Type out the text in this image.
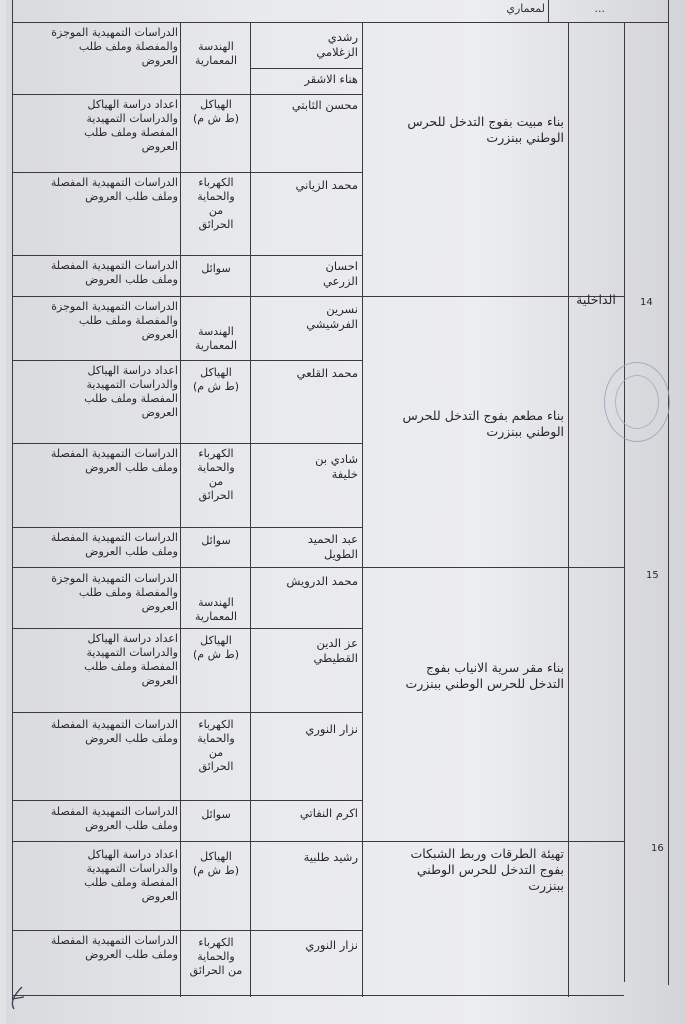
لمعماري	...
الداخلية	14
15
16
بناء مبيت بفوج التدخل للحرس
الوطني ببنزرت
بناء مطعم بفوج التدخل للحرس
الوطني ببنزرت
بناء مقر سرية الانياب بفوج
التدخل للحرس الوطني ببنزرت
تهيئة الطرقات وربط الشبكات
بفوج التدخل للحرس الوطني
ببنزرت
رشدي
الزغلامي
الهندسة
المعمارية
الدراسات التمهيدية الموجزة
والمفصلة وملف طلب
العروض
هناء الاشقر
محسن الثابتي
الهياكل
(ط ش م)
اعداد دراسة الهياكل
والدراسات التمهيدية
المفصلة وملف طلب
العروض
محمد الزياني
الكهرباء
والحماية
من
الحرائق
الدراسات التمهيدية المفصلة
وملف طلب العروض
احسان
الزرعي
سوائل
الدراسات التمهيدية المفصلة
وملف طلب العروض
نسرين
الفرشيشي
الهندسة
المعمارية
الدراسات التمهيدية الموجزة
والمفصلة وملف طلب
العروض
محمد القلعي
الهياكل
(ط ش م)
اعداد دراسة الهياكل
والدراسات التمهيدية
المفصلة وملف طلب
العروض
شادي بن
خليفة
الكهرباء
والحماية
من
الحرائق
الدراسات التمهيدية المفصلة
وملف طلب العروض
عبد الحميد
الطويل
سوائل
الدراسات التمهيدية المفصلة
وملف طلب العروض
محمد الدرويش
الهندسة
المعمارية
الدراسات التمهيدية الموجزة
والمفصلة وملف طلب
العروض
عز الدين
القطيطي
الهياكل
(ط ش م)
اعداد دراسة الهياكل
والدراسات التمهيدية
المفصلة وملف طلب
العروض
نزار النوري
الكهرباء
والحماية
من
الحرائق
الدراسات التمهيدية المفصلة
وملف طلب العروض
اكرم النفاتي
سوائل
الدراسات التمهيدية المفصلة
وملف طلب العروض
رشيد طلبية
الهياكل
(ط ش م)
اعداد دراسة الهياكل
والدراسات التمهيدية
المفصلة وملف طلب
العروض
نزار النوري
الكهرباء
والحماية
من الحرائق
الدراسات التمهيدية المفصلة
وملف طلب العروض
